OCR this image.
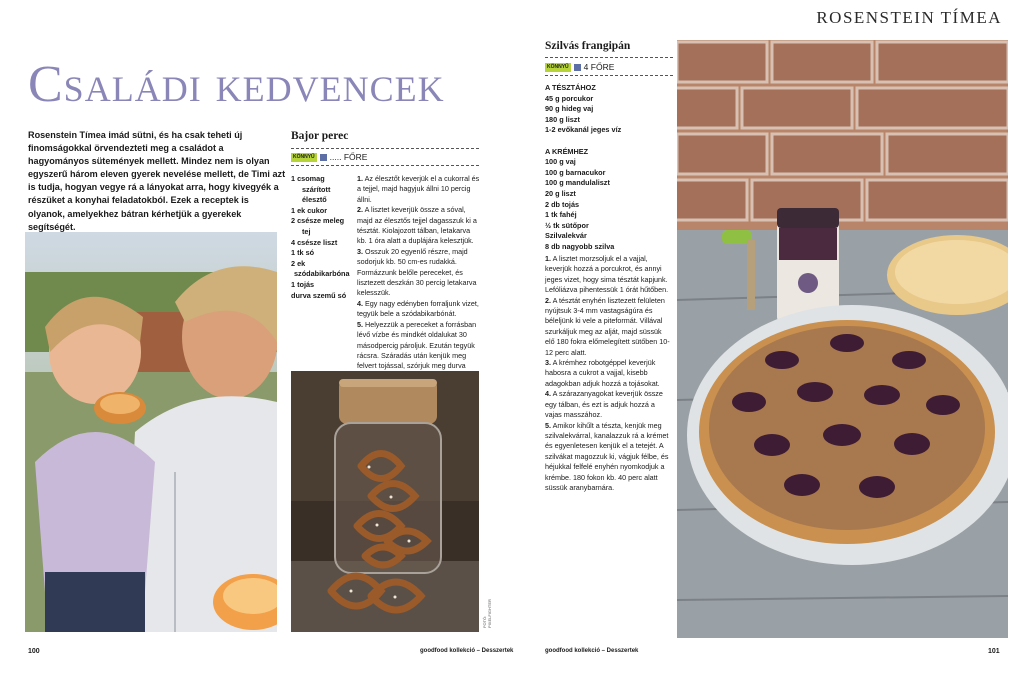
Családi kedvencek
Rosenstein Tímea imád sütni, és ha csak teheti új finomságokkal örvendezteti meg a családot a hagyományos sütemények mellett. Mindez nem is olyan egyszerű három eleven gyerek nevelése mellett, de Timi azt is tudja, hogyan vegye rá a lányokat arra, hogy kivegyék a részüket a konyhai feladatokból. Ezek a receptek is olyanok, amelyekhez bátran kérhetjük a gyerekek segítségét.
Bajor perec
KÖNNYŰ ..... FŐRE
1 csomag
szárított
élesztő
1 ek cukor
2 csésze meleg
tej
4 csésze liszt
1 tk só
2 ek
szódabikarbóna
1 tojás
durva szemű só

1. Az élesztőt keverjük el a cukorral és a tejjel, majd hagyjuk állni 10 percig állni.

2. A lisztet keverjük össze a sóval, majd az élesztős tejjel dagasszuk ki a tésztát. Kiolajozott tálban, letakarva kb. 1 óra alatt a duplájára kelesztjük.

3. Osszuk 20 egyenlő részre, majd sodorjuk kb. 50 cm-es rudakká. Formázzunk belőle pereceket, és lisztezett deszkán 30 percig letakarva kelesszük.

4. Egy nagy edényben forraljunk vizet, tegyük bele a szódabikarbónát.

5. Helyezzük a pereceket a forrásban lévő vízbe és mindkét oldalukat 30 másodpercig pároljuk. Ezután tegyük rácsra. Száradás után kenjük meg felvert tojással, szórjuk meg durva

FOTÓ: PIXELFIGHTER
100
ROSENSTEIN TÍMEA
Szilvás frangipán
KÖNNYŰ 4 FŐRE
A TÉSZTÁHOZ
45 g porcukor
90 g hideg vaj
180 g liszt
1-2 evőkanál jeges víz
A KRÉMHEZ
100 g vaj
100 g barnacukor
100 g mandulaliszt
20 g liszt
2 db tojás
1 tk fahéj
½ tk sütőpor
Szilvalekvár
8 db nagyobb szilva

1. A lisztet morzsoljuk el a vajjal, keverjük hozzá a porcukrot, és annyi jeges vizet, hogy sima tésztát kapjunk. Lefóliázva pihentessük 1 órát hűtőben.

2. A tésztát enyhén lisztezett felületen nyújtsuk 3-4 mm vastagságúra és béleljünk ki vele a piteformát. Villával szurkáljuk meg az alját, majd süssük elő 180 fokra előmelegített sütőben 10-12 perc alatt.

3. A krémhez robotgéppel keverjük habosra a cukrot a vajjal, kisebb adagokban adjuk hozzá a tojásokat.

4. A szárazanyagokat keverjük össze egy tálban, és ezt is adjuk hozzá a vajas masszához.

5. Amikor kihűlt a tészta, kenjük meg szilvalekvárral, kanalazzuk rá a krémet és egyenletesen kenjük el a tetejét. A szilvákat magozzuk ki, vágjuk félbe, és héjukkal felfelé enyhén nyomkodjuk a krémbe. 180 fokon kb. 40 perc alatt süssük aranybarnára.

goodfood kollekció – Desszertek	101
goodfood kollekció – Desszertek
